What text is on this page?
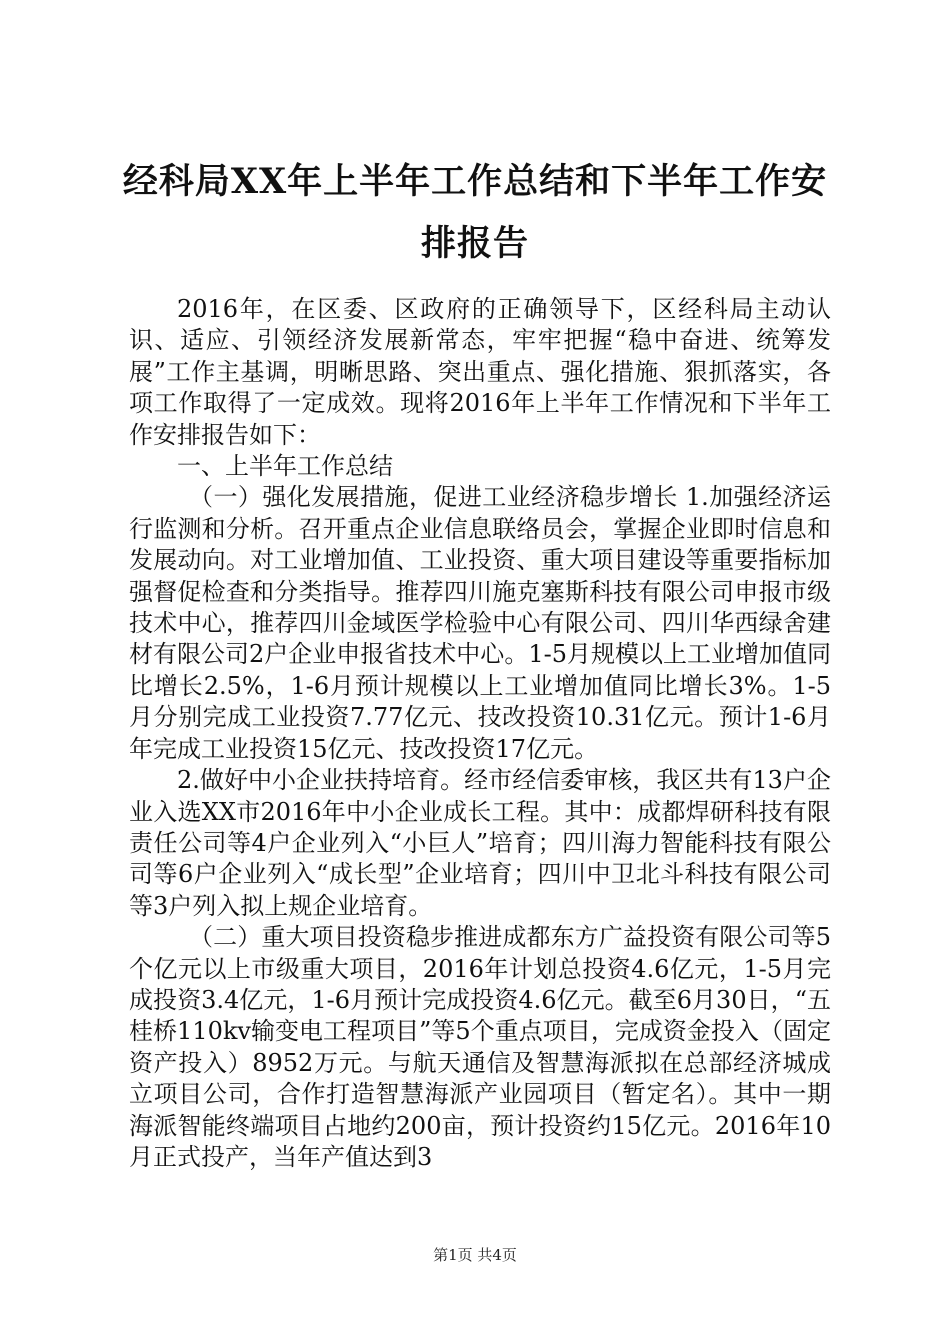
经科局XX年上半年工作总结和下半年工作安
排报告

2016年，在区委、区政府的正确领导下，区经科局主动认识、适应、引领经济发展新常态，牢牢把握“稳中奋进、统筹发展”工作主基调，明晰思路、突出重点、强化措施、狠抓落实，各项工作取得了一定成效。现将2016年上半年工作情况和下半年工作安排报告如下：

一、上半年工作总结

（一）强化发展措施，促进工业经济稳步增长 1.加强经济运行监测和分析。召开重点企业信息联络员会，掌握企业即时信息和发展动向。对工业增加值、工业投资、重大项目建设等重要指标加强督促检查和分类指导。推荐四川施克塞斯科技有限公司申报市级技术中心，推荐四川金域医学检验中心有限公司、四川华西绿舍建材有限公司2户企业申报省技术中心。1-5月规模以上工业增加值同比增长2.5%，1-6月预计规模以上工业增加值同比增长3%。1-5月分别完成工业投资7.77亿元、技改投资10.31亿元。预计1-6月年完成工业投资15亿元、技改投资17亿元。

2.做好中小企业扶持培育。经市经信委审核，我区共有13户企业入选XX市2016年中小企业成长工程。其中：成都焊研科技有限责任公司等4户企业列入“小巨人”培育；四川海力智能科技有限公司等6户企业列入“成长型”企业培育；四川中卫北斗科技有限公司等3户列入拟上规企业培育。

（二）重大项目投资稳步推进成都东方广益投资有限公司等5个亿元以上市级重大项目，2016年计划总投资4.6亿元，1-5月完成投资3.4亿元，1-6月预计完成投资4.6亿元。截至6月30日，“五桂桥110kv输变电工程项目”等5个重点项目，完成资金投入（固定资产投入）8952万元。与航天通信及智慧海派拟在总部经济城成立项目公司，合作打造智慧海派产业园项目（暂定名）。其中一期海派智能终端项目占地约200亩，预计投资约15亿元。2016年10月正式投产，当年产值达到3

第1页 共4页
